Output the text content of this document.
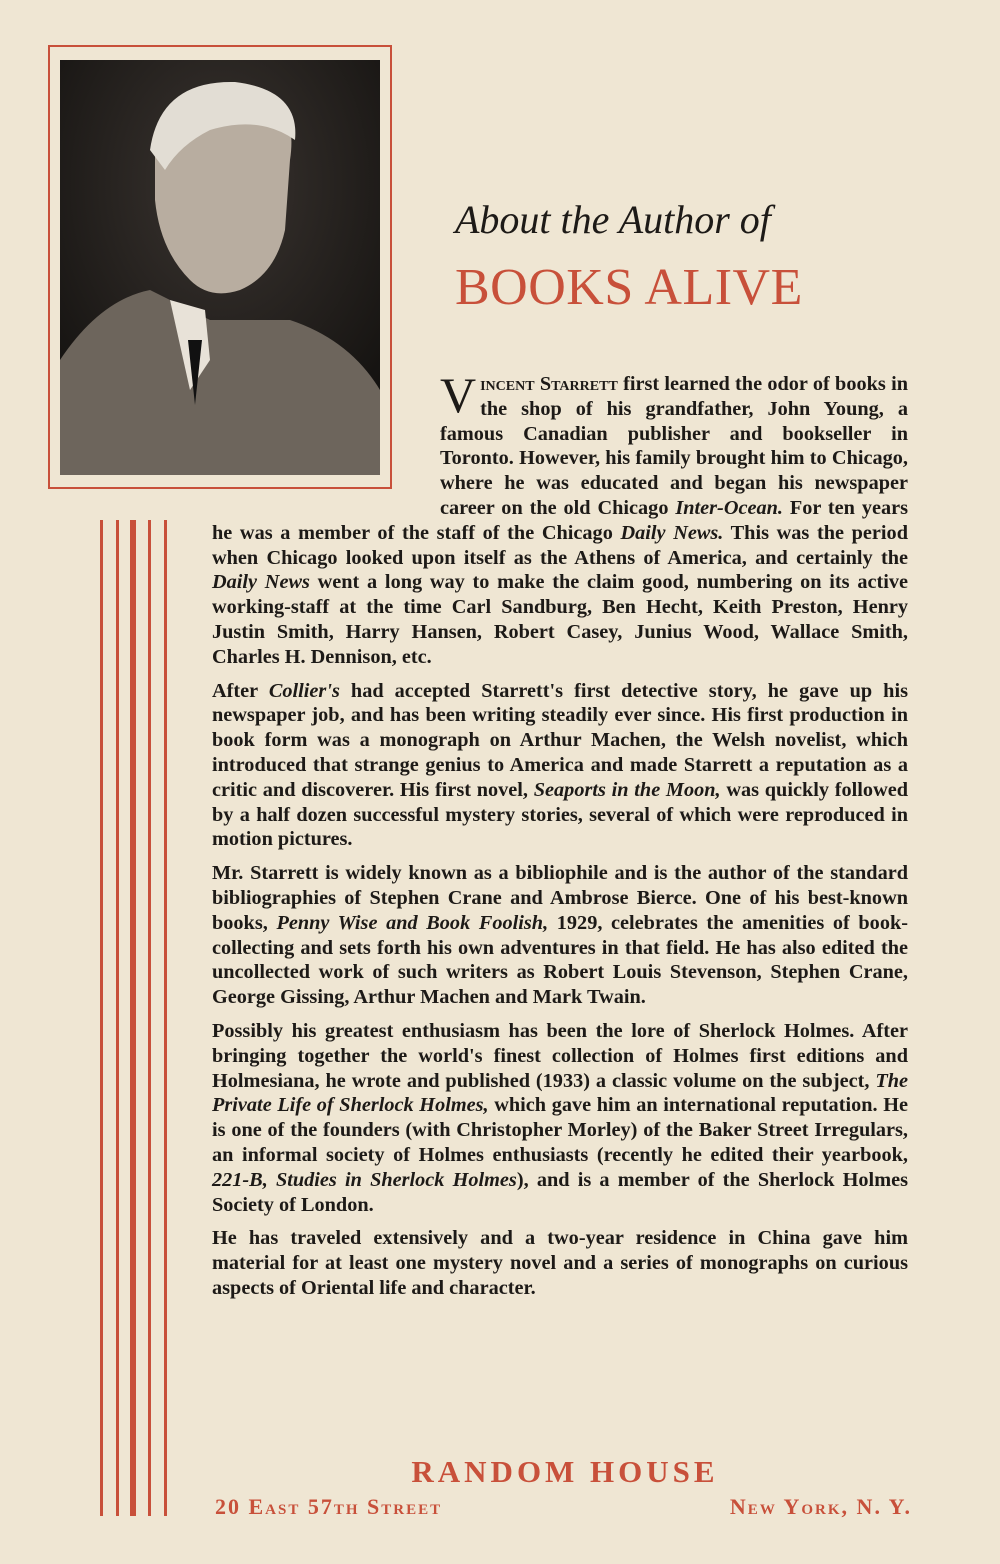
About the Author of
BOOKS ALIVE

Vincent Starrett first learned the odor of books in the shop of his grandfather, John Young, a famous Canadian publisher and bookseller in Toronto. However, his family brought him to Chicago, where he was educated and began his newspaper career on the old Chicago Inter-Ocean. For ten years he was a member of the staff of the Chicago Daily News. This was the period when Chicago looked upon itself as the Athens of America, and certainly the Daily News went a long way to make the claim good, numbering on its active working-staff at the time Carl Sandburg, Ben Hecht, Keith Preston, Henry Justin Smith, Harry Hansen, Robert Casey, Junius Wood, Wallace Smith, Charles H. Dennison, etc.

After Collier's had accepted Starrett's first detective story, he gave up his newspaper job, and has been writing steadily ever since. His first production in book form was a monograph on Arthur Machen, the Welsh novelist, which introduced that strange genius to America and made Starrett a reputation as a critic and discoverer. His first novel, Seaports in the Moon, was quickly followed by a half dozen successful mystery stories, several of which were reproduced in motion pictures.

Mr. Starrett is widely known as a bibliophile and is the author of the standard bibliographies of Stephen Crane and Ambrose Bierce. One of his best-known books, Penny Wise and Book Foolish, 1929, celebrates the amenities of book-collecting and sets forth his own adventures in that field. He has also edited the uncollected work of such writers as Robert Louis Stevenson, Stephen Crane, George Gissing, Arthur Machen and Mark Twain.

Possibly his greatest enthusiasm has been the lore of Sherlock Holmes. After bringing together the world's finest collection of Holmes first editions and Holmesiana, he wrote and published (1933) a classic volume on the subject, The Private Life of Sherlock Holmes, which gave him an international reputation. He is one of the founders (with Christopher Morley) of the Baker Street Irregulars, an informal society of Holmes enthusiasts (recently he edited their yearbook, 221-B, Studies in Sherlock Holmes), and is a member of the Sherlock Holmes Society of London.

He has traveled extensively and a two-year residence in China gave him material for at least one mystery novel and a series of monographs on curious aspects of Oriental life and character.

RANDOM HOUSE
20 East 57th Street	New York, N. Y.
